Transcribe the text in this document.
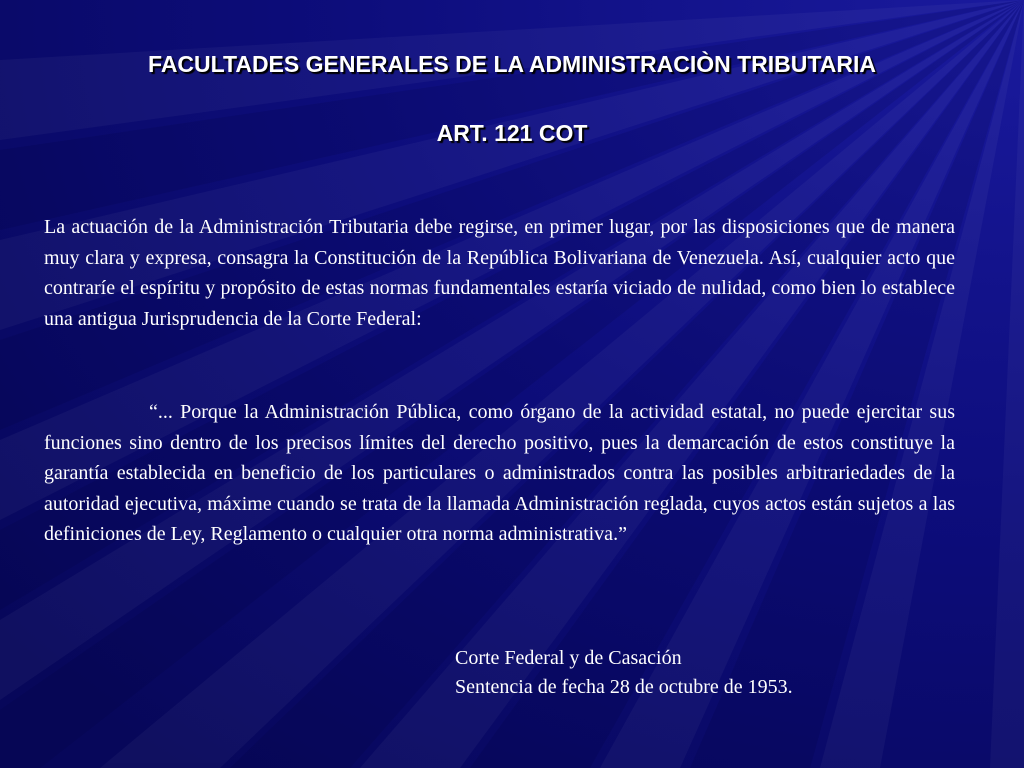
FACULTADES GENERALES DE LA ADMINISTRACIÒN TRIBUTARIA
ART. 121 COT

La actuación de la Administración Tributaria debe regirse, en primer lugar, por las disposiciones que de manera muy clara y expresa, consagra la Constitución de la República Bolivariana de Venezuela. Así, cualquier acto que contraríe el espíritu y propósito de estas normas fundamentales estaría viciado de nulidad, como bien lo establece una antigua Jurisprudencia de la Corte Federal:

“... Porque la Administración Pública, como órgano de la actividad estatal, no puede ejercitar sus funciones sino dentro de los precisos límites del derecho positivo, pues la demarcación de estos constituye la garantía establecida en beneficio de los particulares o administrados contra las posibles arbitrariedades de la autoridad ejecutiva, máxime cuando se trata de la llamada Administración reglada, cuyos actos están sujetos a las definiciones de Ley, Reglamento o cualquier otra norma administrativa.”

Corte Federal y de Casación
Sentencia de fecha 28 de octubre de 1953.
